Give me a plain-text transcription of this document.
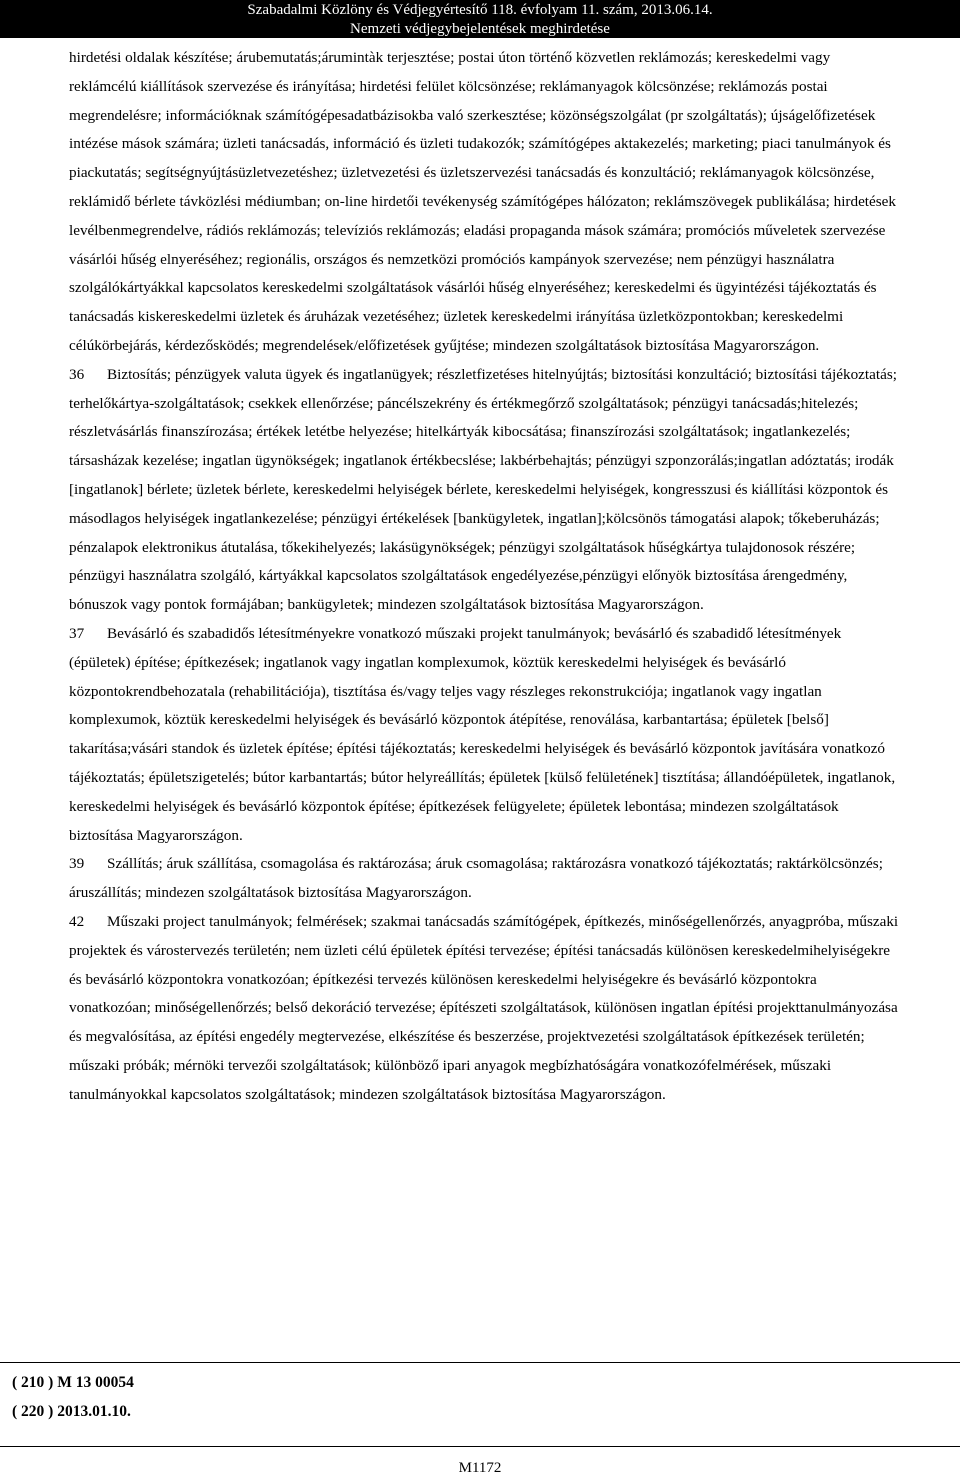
Szabadalmi Közlöny és Védjegyértesítő 118. évfolyam 11. szám, 2013.06.14.
Nemzeti védjegybejelentések meghirdetése

hirdetési oldalak készítése; árubemutatás;árumintàk terjesztése; postai úton történő közvetlen reklámozás; kereskedelmi vagy reklámcélú kiállítások szervezése és irányítása; hirdetési felület kölcsönzése; reklámanyagok kölcsönzése; reklámozás postai megrendelésre; információknak számítógépesadatbázisokba való szerkesztése; közönségszolgálat (pr szolgáltatás); újságelőfizetések intézése mások számára; üzleti tanácsadás, információ és üzleti tudakozók; számítógépes aktakezelés; marketing; piaci tanulmányok és piackutatás; segítségnyújtásüzletvezetéshez; üzletvezetési és üzletszervezési tanácsadás és konzultáció; reklámanyagok kölcsönzése, reklámidő bérlete távközlési médiumban; on-line hirdetői tevékenység számítógépes hálózaton; reklámszövegek publikálása; hirdetések levélbenmegrendelve, rádiós reklámozás; televíziós reklámozás; eladási propaganda mások számára; promóciós műveletek szervezése vásárlói hűség elnyeréséhez; regionális, országos és nemzetközi promóciós kampányok szervezése; nem pénzügyi használatra szolgálókártyákkal kapcsolatos kereskedelmi szolgáltatások vásárlói hűség elnyeréséhez; kereskedelmi és ügyintézési tájékoztatás és tanácsadás kiskereskedelmi üzletek és áruházak vezetéséhez; üzletek kereskedelmi irányítása üzletközpontokban; kereskedelmi célúkörbejárás, kérdezősködés; megrendelések/előfizetések gyűjtése; mindezen szolgáltatások biztosítása Magyarországon.

36 Biztosítás; pénzügyek valuta ügyek és ingatlanügyek; részletfizetéses hitelnyújtás; biztosítási konzultáció; biztosítási tájékoztatás; terhelőkártya-szolgáltatások; csekkek ellenőrzése; páncélszekrény és értékmegőrző szolgáltatások; pénzügyi tanácsadás;hitelezés; részletvásárlás finanszírozása; értékek letétbe helyezése; hitelkártyák kibocsátása; finanszírozási szolgáltatások; ingatlankezelés; társasházak kezelése; ingatlan ügynökségek; ingatlanok értékbecslése; lakbérbehajtás; pénzügyi szponzorálás;ingatlan adóztatás; irodák [ingatlanok] bérlete; üzletek bérlete, kereskedelmi helyiségek bérlete, kereskedelmi helyiségek, kongresszusi és kiállítási központok és másodlagos helyiségek ingatlankezelése; pénzügyi értékelések [bankügyletek, ingatlan];kölcsönös támogatási alapok; tőkeberuházás; pénzalapok elektronikus átutalása, tőkekihelyezés; lakásügynökségek; pénzügyi szolgáltatások hűségkártya tulajdonosok részére; pénzügyi használatra szolgáló, kártyákkal kapcsolatos szolgáltatások engedélyezése,pénzügyi előnyök biztosítása árengedmény, bónuszok vagy pontok formájában; bankügyletek; mindezen szolgáltatások biztosítása Magyarországon.

37 Bevásárló és szabadidős létesítményekre vonatkozó műszaki projekt tanulmányok; bevásárló és szabadidő létesítmények (épületek) építése; építkezések; ingatlanok vagy ingatlan komplexumok, köztük kereskedelmi helyiségek és bevásárló központokrendbehozatala (rehabilitációja), tisztítása és/vagy teljes vagy részleges rekonstrukciója; ingatlanok vagy ingatlan komplexumok, köztük kereskedelmi helyiségek és bevásárló központok átépítése, renoválása, karbantartása; épületek [belső] takarítása;vásári standok és üzletek építése; építési tájékoztatás; kereskedelmi helyiségek és bevásárló központok javítására vonatkozó tájékoztatás; épületszigetelés; bútor karbantartás; bútor helyreállítás; épületek [külső felületének] tisztítása; állandóépületek, ingatlanok, kereskedelmi helyiségek és bevásárló központok építése; építkezések felügyelete; épületek lebontása; mindezen szolgáltatások biztosítása Magyarországon.

39 Szállítás; áruk szállítása, csomagolása és raktározása; áruk csomagolása; raktározásra vonatkozó tájékoztatás; raktárkölcsönzés; áruszállítás; mindezen szolgáltatások biztosítása Magyarországon.

42 Műszaki project tanulmányok; felmérések; szakmai tanácsadás számítógépek, építkezés, minőségellenőrzés, anyagpróba, műszaki projektek és várostervezés területén; nem üzleti célú épületek építési tervezése; építési tanácsadás különösen kereskedelmihelyiségekre és bevásárló központokra vonatkozóan; építkezési tervezés különösen kereskedelmi helyiségekre és bevásárló központokra vonatkozóan; minőségellenőrzés; belső dekoráció tervezése; építészeti szolgáltatások, különösen ingatlan építési projekttanulmányozása és megvalósítása, az építési engedély megtervezése, elkészítése és beszerzése, projektvezetési szolgáltatások építkezések területén; műszaki próbák; mérnöki tervezői szolgáltatások; különböző ipari anyagok megbízhatóságára vonatkozófelmérések, műszaki tanulmányokkal kapcsolatos szolgáltatások; mindezen szolgáltatások biztosítása Magyarországon.

( 210 ) M 13 00054
( 220 ) 2013.01.10.
M1172
